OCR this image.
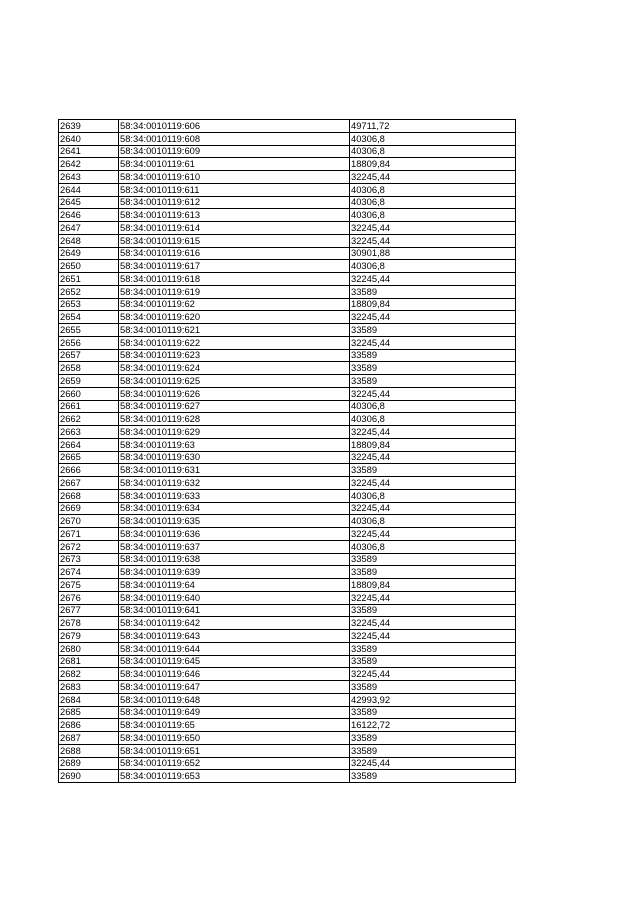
2639	58:34:0010119:606	49711,72
2640	58:34:0010119:608	40306,8
2641	58:34:0010119:609	40306,8
2642	58:34:0010119:61	18809,84
2643	58:34:0010119:610	32245,44
2644	58:34:0010119:611	40306,8
2645	58:34:0010119:612	40306,8
2646	58:34:0010119:613	40306,8
2647	58:34:0010119:614	32245,44
2648	58:34:0010119:615	32245,44
2649	58:34:0010119:616	30901,88
2650	58:34:0010119:617	40306,8
2651	58:34:0010119:618	32245,44
2652	58:34:0010119:619	33589
2653	58:34:0010119:62	18809,84
2654	58:34:0010119:620	32245,44
2655	58:34:0010119:621	33589
2656	58:34:0010119:622	32245,44
2657	58:34:0010119:623	33589
2658	58:34:0010119:624	33589
2659	58:34:0010119:625	33589
2660	58:34:0010119:626	32245,44
2661	58:34:0010119:627	40306,8
2662	58:34:0010119:628	40306,8
2663	58:34:0010119:629	32245,44
2664	58:34:0010119:63	18809,84
2665	58:34:0010119:630	32245,44
2666	58:34:0010119:631	33589
2667	58:34:0010119:632	32245,44
2668	58:34:0010119:633	40306,8
2669	58:34:0010119:634	32245,44
2670	58:34:0010119:635	40306,8
2671	58:34:0010119:636	32245,44
2672	58:34:0010119:637	40306,8
2673	58:34:0010119:638	33589
2674	58:34:0010119:639	33589
2675	58:34:0010119:64	18809,84
2676	58:34:0010119:640	32245,44
2677	58:34:0010119:641	33589
2678	58:34:0010119:642	32245,44
2679	58:34:0010119:643	32245,44
2680	58:34:0010119:644	33589
2681	58:34:0010119:645	33589
2682	58:34:0010119:646	32245,44
2683	58:34:0010119:647	33589
2684	58:34:0010119:648	42993,92
2685	58:34:0010119:649	33589
2686	58:34:0010119:65	16122,72
2687	58:34:0010119:650	33589
2688	58:34:0010119:651	33589
2689	58:34:0010119:652	32245,44
2690	58:34:0010119:653	33589
